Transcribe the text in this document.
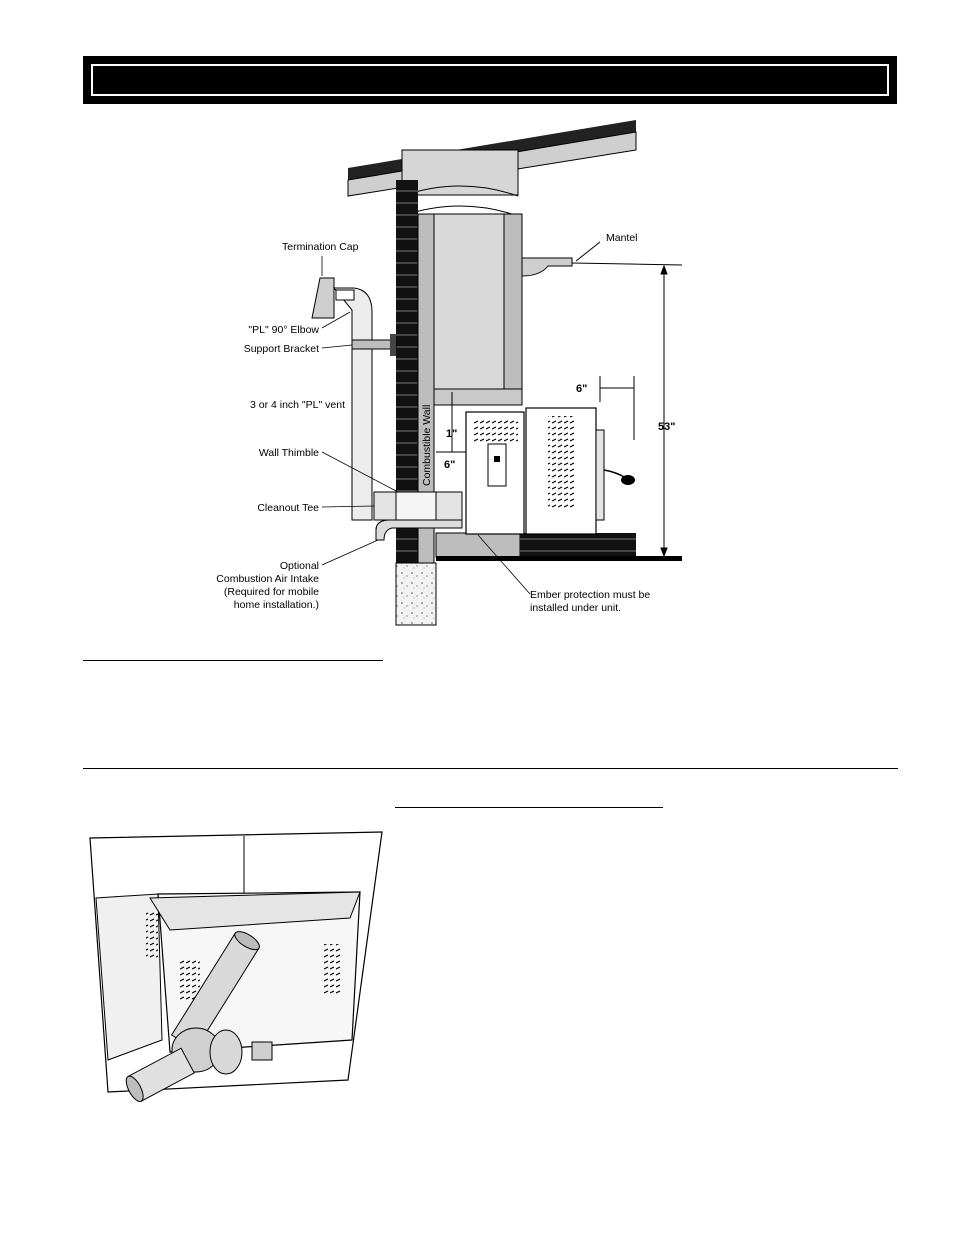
Termination Cap
"PL" 90° Elbow
Support Bracket
3 or 4 inch "PL" vent
Wall Thimble
Cleanout Tee
Optional
Combustion Air Intake
(Required for mobile
home installation.)
Mantel
Combustible Wall
Ember protection must be
installed under unit.
6"
1"
6"
53"
